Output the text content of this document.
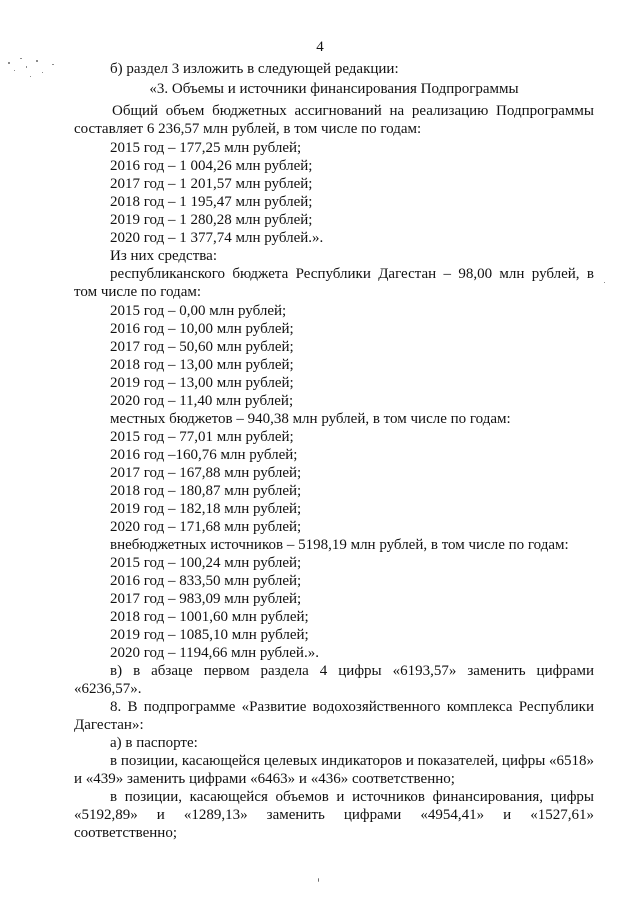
4
б) раздел 3 изложить в следующей редакции:
«3. Объемы и источники финансирования Подпрограммы
Общий объем бюджетных ассигнований на реализацию Подпрограммы
составляет 6 236,57 млн рублей, в том числе по годам:
2015 год – 177,25 млн рублей;
2016 год – 1 004,26 млн рублей;
2017 год – 1 201,57 млн рублей;
2018 год – 1 195,47 млн рублей;
2019 год – 1 280,28 млн рублей;
2020 год – 1 377,74 млн рублей.».
Из них средства:
республиканского бюджета Республики Дагестан – 98,00 млн рублей, в
том числе по годам:
2015 год – 0,00 млн рублей;
2016 год – 10,00 млн рублей;
2017 год – 50,60 млн рублей;
2018 год – 13,00 млн рублей;
2019 год – 13,00 млн рублей;
2020 год – 11,40 млн рублей;
местных бюджетов – 940,38 млн рублей, в том числе по годам:
2015 год – 77,01 млн рублей;
2016 год –160,76 млн рублей;
2017 год – 167,88 млн рублей;
2018 год – 180,87 млн рублей;
2019 год – 182,18 млн рублей;
2020 год – 171,68 млн рублей;
внебюджетных источников – 5198,19 млн рублей, в том числе по годам:
2015 год – 100,24 млн рублей;
2016 год – 833,50 млн рублей;
2017 год – 983,09 млн рублей;
2018 год – 1001,60 млн рублей;
2019 год – 1085,10 млн рублей;
2020 год – 1194,66 млн рублей.».
в) в абзаце первом раздела 4 цифры «6193,57» заменить цифрами
«6236,57».
8. В подпрограмме «Развитие водохозяйственного комплекса Республики
Дагестан»:
а) в паспорте:
в позиции, касающейся целевых индикаторов и показателей, цифры «6518»
и «439» заменить цифрами «6463» и «436» соответственно;
в позиции, касающейся объемов и источников финансирования, цифры
«5192,89» и «1289,13» заменить цифрами «4954,41» и «1527,61»
соответственно;
